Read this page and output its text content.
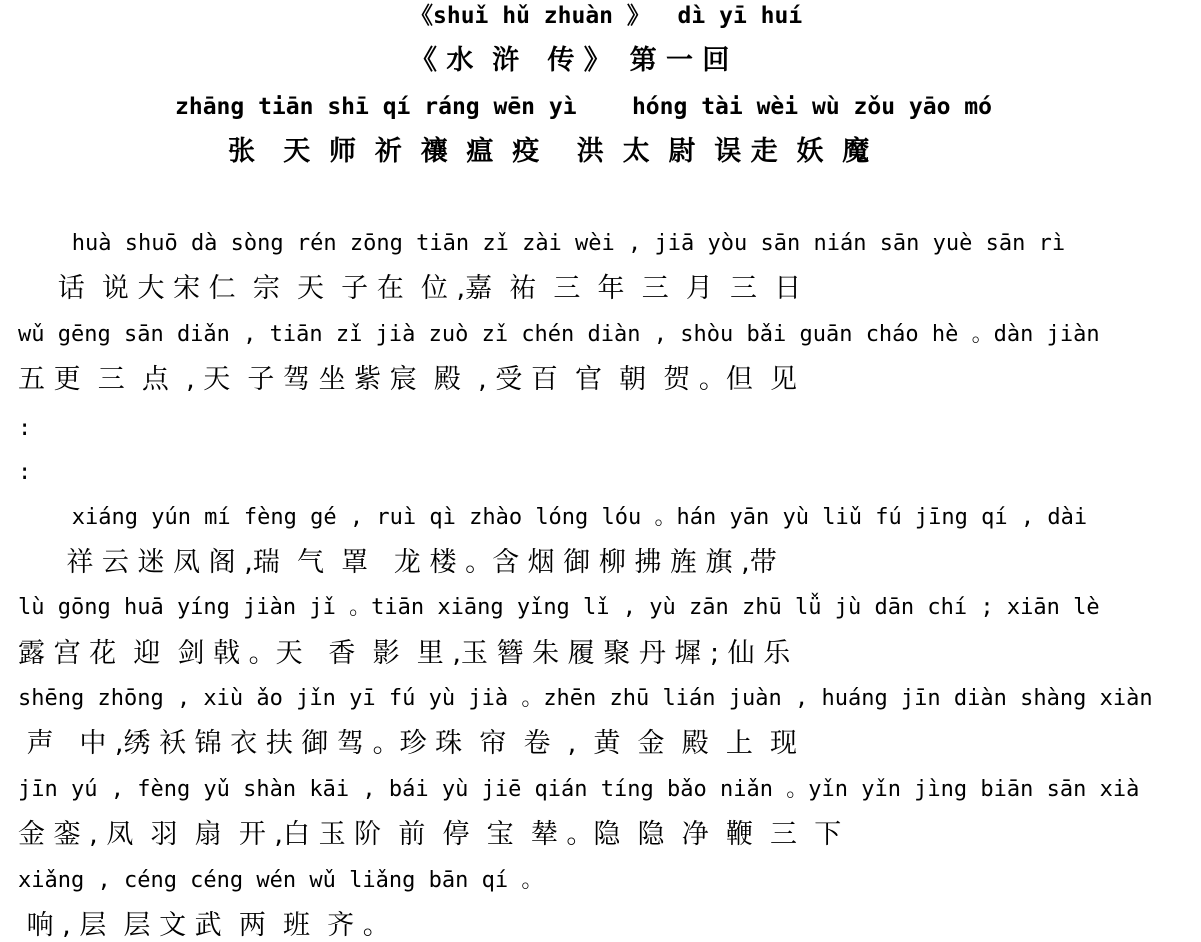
《shuǐ hǔ zhuàn 》  dì yī huí
《 水  浒   传 》  第 一 回
zhāng tiān shī qí ráng wēn yì    hóng tài wèi wù zǒu yāo mó
张   天  师  祈  禳  瘟  疫    洪  太  尉  误 走  妖  魔
huà shuō dà sòng rén zōng tiān zǐ zài wèi , jiā yòu sān nián sān yuè sān rì
话  说 大 宋 仁  宗  天  子 在  位 ,嘉  祐  三  年  三  月  三  日
wǔ gēng sān diǎn , tiān zǐ jià zuò zǐ chén diàn , shòu bǎi guān cháo hè 。dàn jiàn
五 更  三  点  , 天  子 驾 坐 紫 宸  殿  , 受 百  官  朝  贺 。但  见
:
:
xiáng yún mí fèng gé , ruì qì zhào lóng lóu 。hán yān yù liǔ fú jīng qí , dài
祥 云 迷 凤 阁 ,瑞  气  罩   龙 楼 。含 烟 御 柳 拂 旌 旗 ,带
lù gōng huā yíng jiàn jǐ 。tiān xiāng yǐng lǐ , yù zān zhū lǚ jù dān chí ; xiān lè
露 宫 花  迎  剑 戟 。天   香  影  里 ,玉 簪 朱 履 聚 丹 墀 ; 仙 乐
shēng zhōng , xiù ǎo jǐn yī fú yù jià 。zhēn zhū lián juàn , huáng jīn diàn shàng xiàn
声   中 ,绣 袄 锦 衣 扶 御 驾 。珍 珠  帘  卷  ,  黄  金  殿  上  现
jīn yú , fèng yǔ shàn kāi , bái yù jiē qián tíng bǎo niǎn 。yǐn yǐn jìng biān sān xià
金 銮 , 凤  羽  扇  开 ,白 玉 阶  前  停  宝  辇 。隐  隐  净  鞭  三  下
xiǎng , céng céng wén wǔ liǎng bān qí 。
响 , 层  层 文 武  两  班  齐 。
